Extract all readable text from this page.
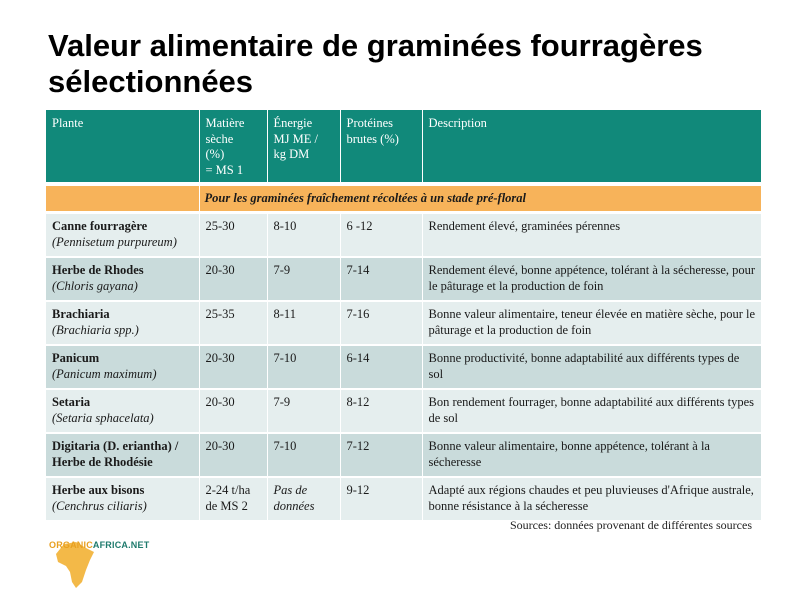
Valeur alimentaire de graminées fourragères sélectionnées
Plante	Matière
sèche
(%)
= MS 1	Énergie
MJ ME /
kg DM	Protéines
brutes (%)	Description
	Pour les graminées fraîchement récoltées à un stade pré-floral			

Canne fourragère
(Pennisetum purpureum)	25-30	8-10	6 -12	Rendement élevé, graminées pérennes

Herbe de Rhodes
(Chloris gayana)	20-30	7-9	7-14	Rendement élevé, bonne appétence, tolérant à la sécheresse, pour le pâturage et la production de foin

Brachiaria
(Brachiaria spp.)	25-35	8-11	7-16	Bonne valeur alimentaire, teneur élevée en matière sèche, pour le pâturage et la production de foin

Panicum
(Panicum maximum)	20-30	7-10	6-14	Bonne productivité, bonne adaptabilité aux différents types de sol

Setaria
(Setaria sphacelata)	20-30	7-9	8-12	Bon rendement fourrager, bonne adaptabilité aux différents types de sol

Digitaria (D. eriantha) / Herbe de Rhodésie	20-30	7-10	7-12	Bonne valeur alimentaire, bonne appétence, tolérant à la sécheresse

Herbe aux bisons
(Cenchrus ciliaris)	2-24 t/ha de MS 2	Pas de données	9-12	Adapté aux régions chaudes et peu pluvieuses d'Afrique australe, bonne résistance à la sécheresse
Sources: données provenant de différentes sources
ORGANICAFRICA.NET
